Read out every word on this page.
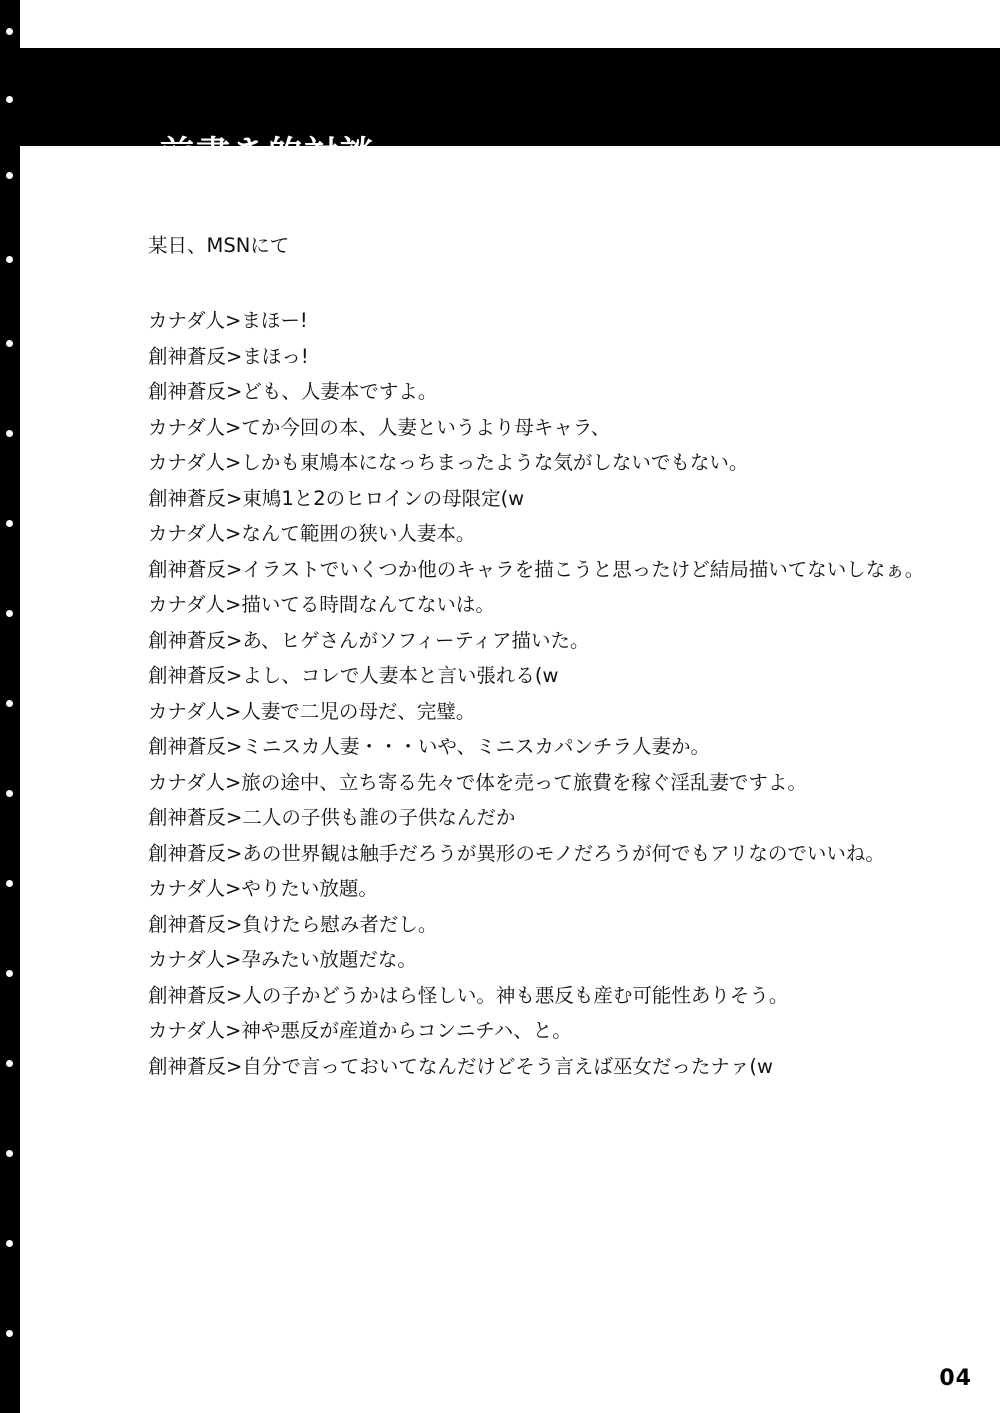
前書き的対談
某日、MSNにて
カナダ人>まほー!
創神蒼反>まほっ!
創神蒼反>ども、人妻本ですよ。
カナダ人>てか今回の本、人妻というより母キャラ、
カナダ人>しかも東鳩本になっちまったような気がしないでもない。
創神蒼反>東鳩1と2のヒロインの母限定(w
カナダ人>なんて範囲の狭い人妻本。
創神蒼反>イラストでいくつか他のキャラを描こうと思ったけど結局描いてないしなぁ。
カナダ人>描いてる時間なんてないは。
創神蒼反>あ、ヒゲさんがソフィーティア描いた。
創神蒼反>よし、コレで人妻本と言い張れる(w
カナダ人>人妻で二児の母だ、完璧。
創神蒼反>ミニスカ人妻・・・いや、ミニスカパンチラ人妻か。
カナダ人>旅の途中、立ち寄る先々で体を売って旅費を稼ぐ淫乱妻ですよ。
創神蒼反>二人の子供も誰の子供なんだか
創神蒼反>あの世界観は触手だろうが異形のモノだろうが何でもアリなのでいいね。
カナダ人>やりたい放題。
創神蒼反>負けたら慰み者だし。
カナダ人>孕みたい放題だな。
創神蒼反>人の子かどうかはら怪しい。神も悪反も産む可能性ありそう。
カナダ人>神や悪反が産道からコンニチハ、と。
創神蒼反>自分で言っておいてなんだけどそう言えば巫女だったナァ(w
04
